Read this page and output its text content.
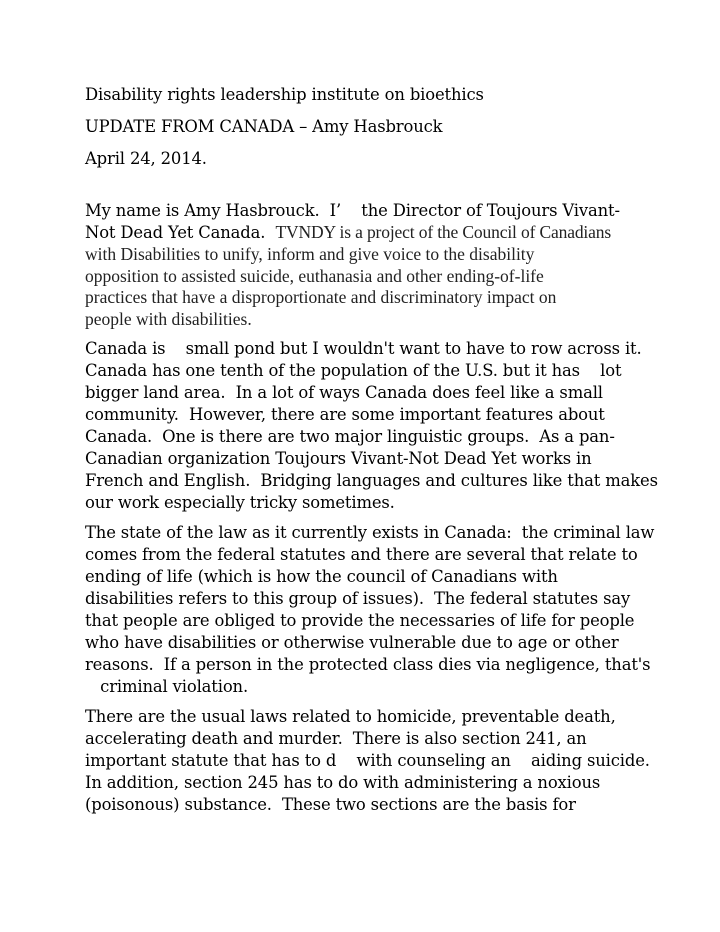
Disability rights leadership institute on bioethics
UPDATE FROM CANADA – Amy Hasbrouck
April 24, 2014.
My name is Amy Hasbrouck.  I’    the Director of Toujours Vivant-
Not Dead Yet Canada.  TVNDY is a project of the Council of Canadians
with Disabilities to unify, inform and give voice to the disability
opposition to assisted suicide, euthanasia and other ending-of-life
practices that have a disproportionate and discriminatory impact on
people with disabilities.
Canada is    small pond but I wouldn't want to have to row across it.
Canada has one tenth of the population of the U.S. but it has    lot
bigger land area.  In a lot of ways Canada does feel like a small
community.  However, there are some important features about
Canada.  One is there are two major linguistic groups.  As a pan-
Canadian organization Toujours Vivant-Not Dead Yet works in
French and English.  Bridging languages and cultures like that makes
our work especially tricky sometimes.
The state of the law as it currently exists in Canada:  the criminal law
comes from the federal statutes and there are several that relate to
ending of life (which is how the council of Canadians with
disabilities refers to this group of issues).  The federal statutes say
that people are obliged to provide the necessaries of life for people
who have disabilities or otherwise vulnerable due to age or other
reasons.  If a person in the protected class dies via negligence, that's
criminal violation.
There are the usual laws related to homicide, preventable death,
accelerating death and murder.  There is also section 241, an
important statute that has to d    with counseling an    aiding suicide.
In addition, section 245 has to do with administering a noxious
(poisonous) substance.  These two sections are the basis for
